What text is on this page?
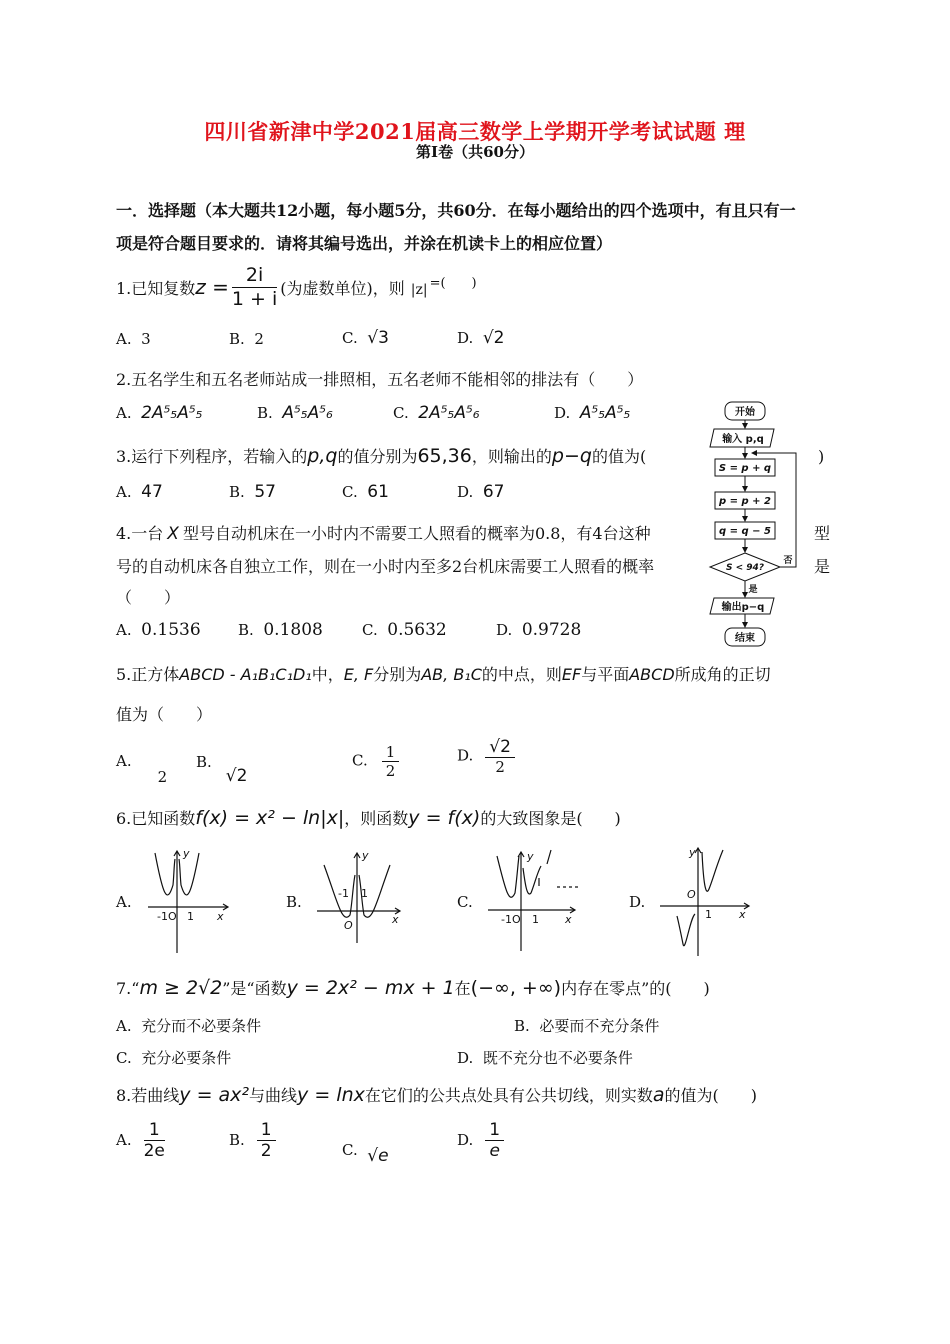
四川省新津中学2021届高三数学上学期开学考试试题 理
第Ⅰ卷（共60分）
一．选择题（本大题共12小题，每小题5分，共60分．在每小题给出的四个选项中，有且只有一
项是符合题目要求的．请将其编号选出，并涂在机读卡上的相应位置）
1.已知复数 $z = \frac{2i}{1 + i}$ (为虚数单位)，则 |z| =(　　)
A. 3	B. 2	C. √3	D. √2
2.五名学生和五名老师站成一排照相，五名老师不能相邻的排法有（　　）
A. 2A⁵₅A⁵₅	B. A⁵₅A⁵₆	C. 2A⁵₅A⁵₆	D. A⁵₅A⁵₅
3.运行下列程序，若输入的p,q的值分别为65,36，则输出的p−q的值为(	)
A. 47	B. 57	C. 61	D. 67
开始
输入 p,q
S = p + q
p = p + 2
q = q − 5
S < 94?
否
是
输出p−q
结束
4.一台 X 型号自动机床在一小时内不需要工人照看的概率为0.8，有4台这种	型
号的自动机床各自独立工作，则在一小时内至多2台机床需要工人照看的概率	是
（　　）
A. 0.1536 B. 0.1808	C. 0.5632	D. 0.9728
5.正方体ABCD - A₁B₁C₁D₁中，E, F分别为AB, B₁C的中点，则EF与平面ABCD所成角的正切
值为（　　）
A.2
B.√2
C. $\frac{1}{2}$	D. $\frac{√2}{2}$
6.已知函数f(x) = x² − ln|x|，则函数y = f(x)的大致图象是(　　)
A.	B.	C.	D.
y
x
-1O 1
y
x
-1 1
O
y
x
-1O 1
y
x
O
1
7.“m ≥ 2√2”是“函数y = 2x² − mx + 1在(−∞, +∞)内存在零点”的(　　)
A. 充分而不必要条件	B. 必要而不充分条件
C. 充分必要条件	D. 既不充分也不必要条件
8.若曲线y = ax²与曲线y = lnx在它们的公共点处具有公共切线，则实数a的值为(　　)
A. $\frac{1}{2e}$	B. $\frac{1}{2}$	C. √e
D. $\frac{1}{e}$
